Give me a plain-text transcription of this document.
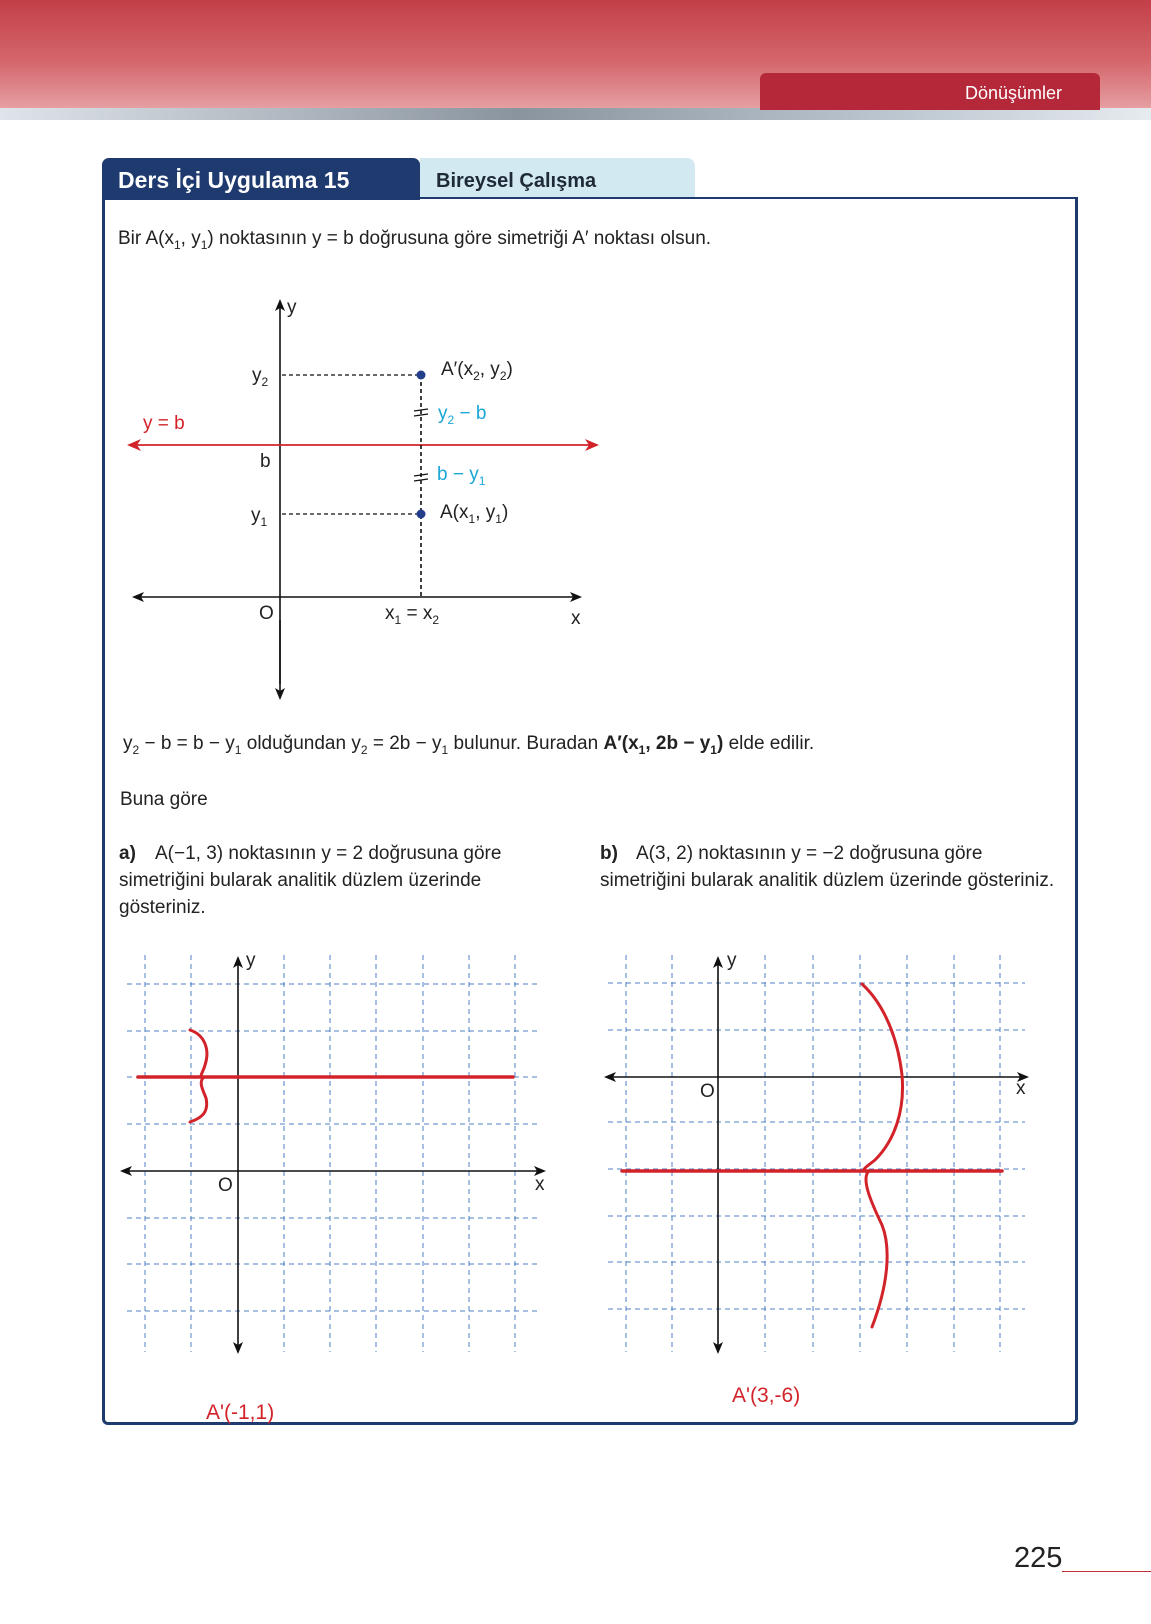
Dönüşümler
Ders İçi Uygulama 15	Bireysel Çalışma
Bir $A(x_1$, $y_1$) noktasının y = b doğrusuna göre simetriği A′ noktası olsun.
y
$y_2$
y = b
b
$y_1$
O	x
$A'(x_2$, $y_2$)
$y_2 - b$
$b - y_1$
$A(x_1$, $y_1$)
$x_1 = x_2$
$y_2 - b = b - y_1$ olduğundan $y_2 = 2b - y_1$ bulunur. Buradan $A'(x_1$, $2b - y_1$) elde edilir.
Buna göre
a) A(−1, 3) noktasının y = 2 doğrusuna göre simetriğini bularak analitik düzlem üzerinde gösteriniz.
b) A(3, 2) noktasının y = −2 doğrusuna göre simetriğini bularak analitik düzlem üzerinde gösteriniz.
y
O	x
y
O	x
A'(-1,1)
A'(3,-6)
225
